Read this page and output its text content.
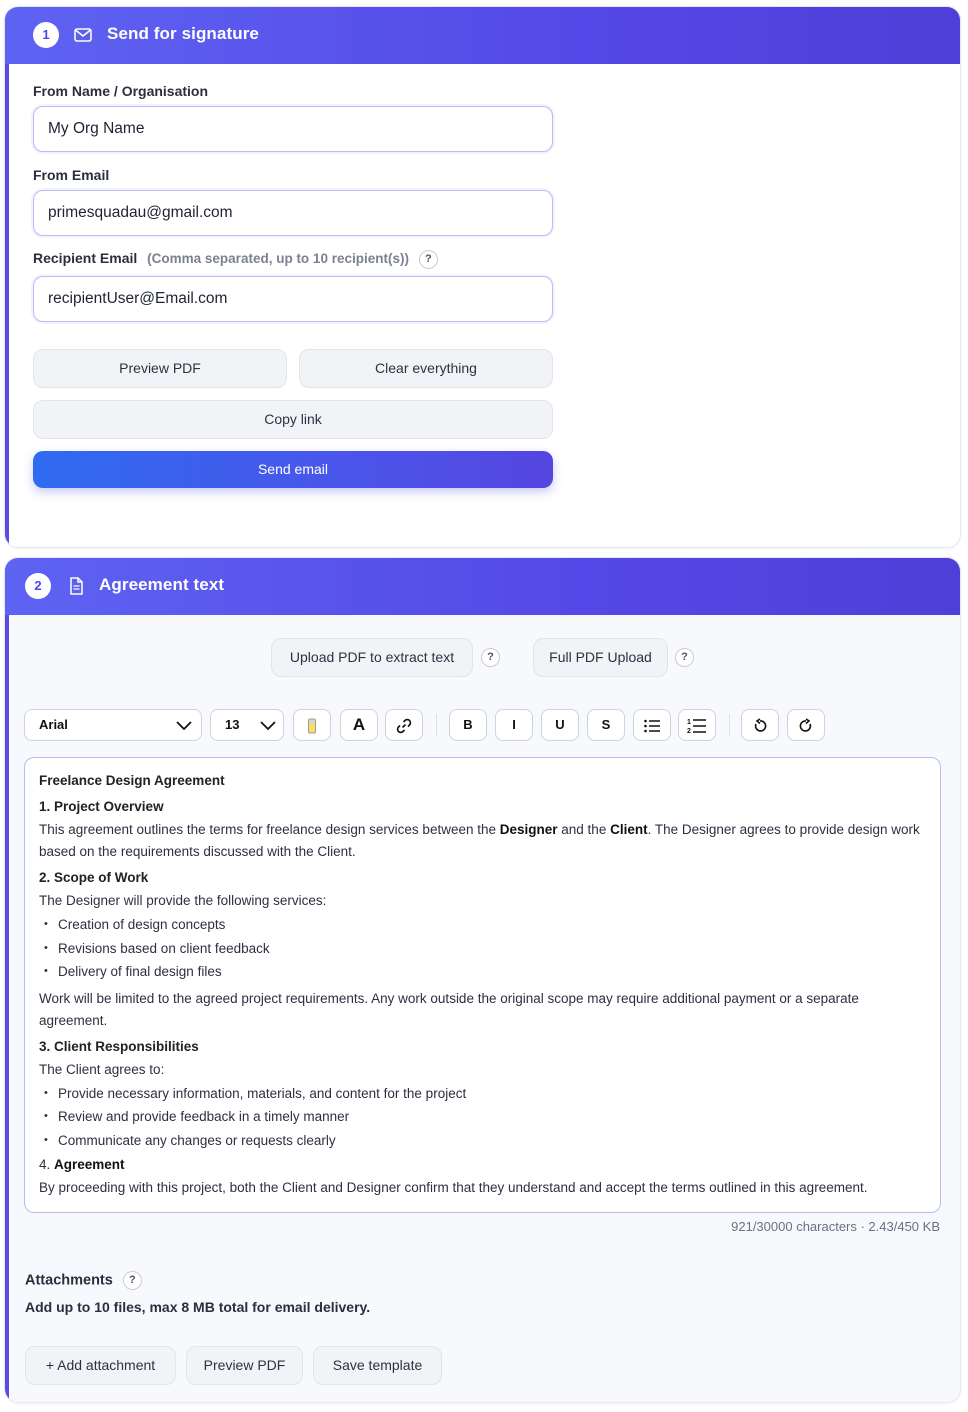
1	Send for signature
From Name / Organisation
My Org Name
From Email
primesquadau@gmail.com
Recipient Email (Comma separated, up to 10 recipient(s)) ?
recipientUser@Email.com
Preview PDF	Clear everything
Copy link
Send email
2	Agreement text
Upload PDF to extract text	?	Full PDF Upload	?
Arial	13	A	B	I	U	S	1
2
Freelance Design Agreement
1. Project Overview

This agreement outlines the terms for freelance design services between the Designer and the Client. The Designer agrees to provide design work based on the requirements discussed with the Client.

2. Scope of Work

The Designer will provide the following services:

• Creation of design concepts
• Revisions based on client feedback
• Delivery of final design files

Work will be limited to the agreed project requirements. Any work outside the original scope may require additional payment or a separate agreement.

3. Client Responsibilities

The Client agrees to:

• Provide necessary information, materials, and content for the project
• Review and provide feedback in a timely manner
• Communicate any changes or requests clearly
4. Agreement

By proceeding with this project, both the Client and Designer confirm that they understand and accept the terms outlined in this agreement.

921/30000 characters · 2.43/450 KB
Attachments ?
Add up to 10 files, max 8 MB total for email delivery.
+ Add attachment	Preview PDF	Save template
